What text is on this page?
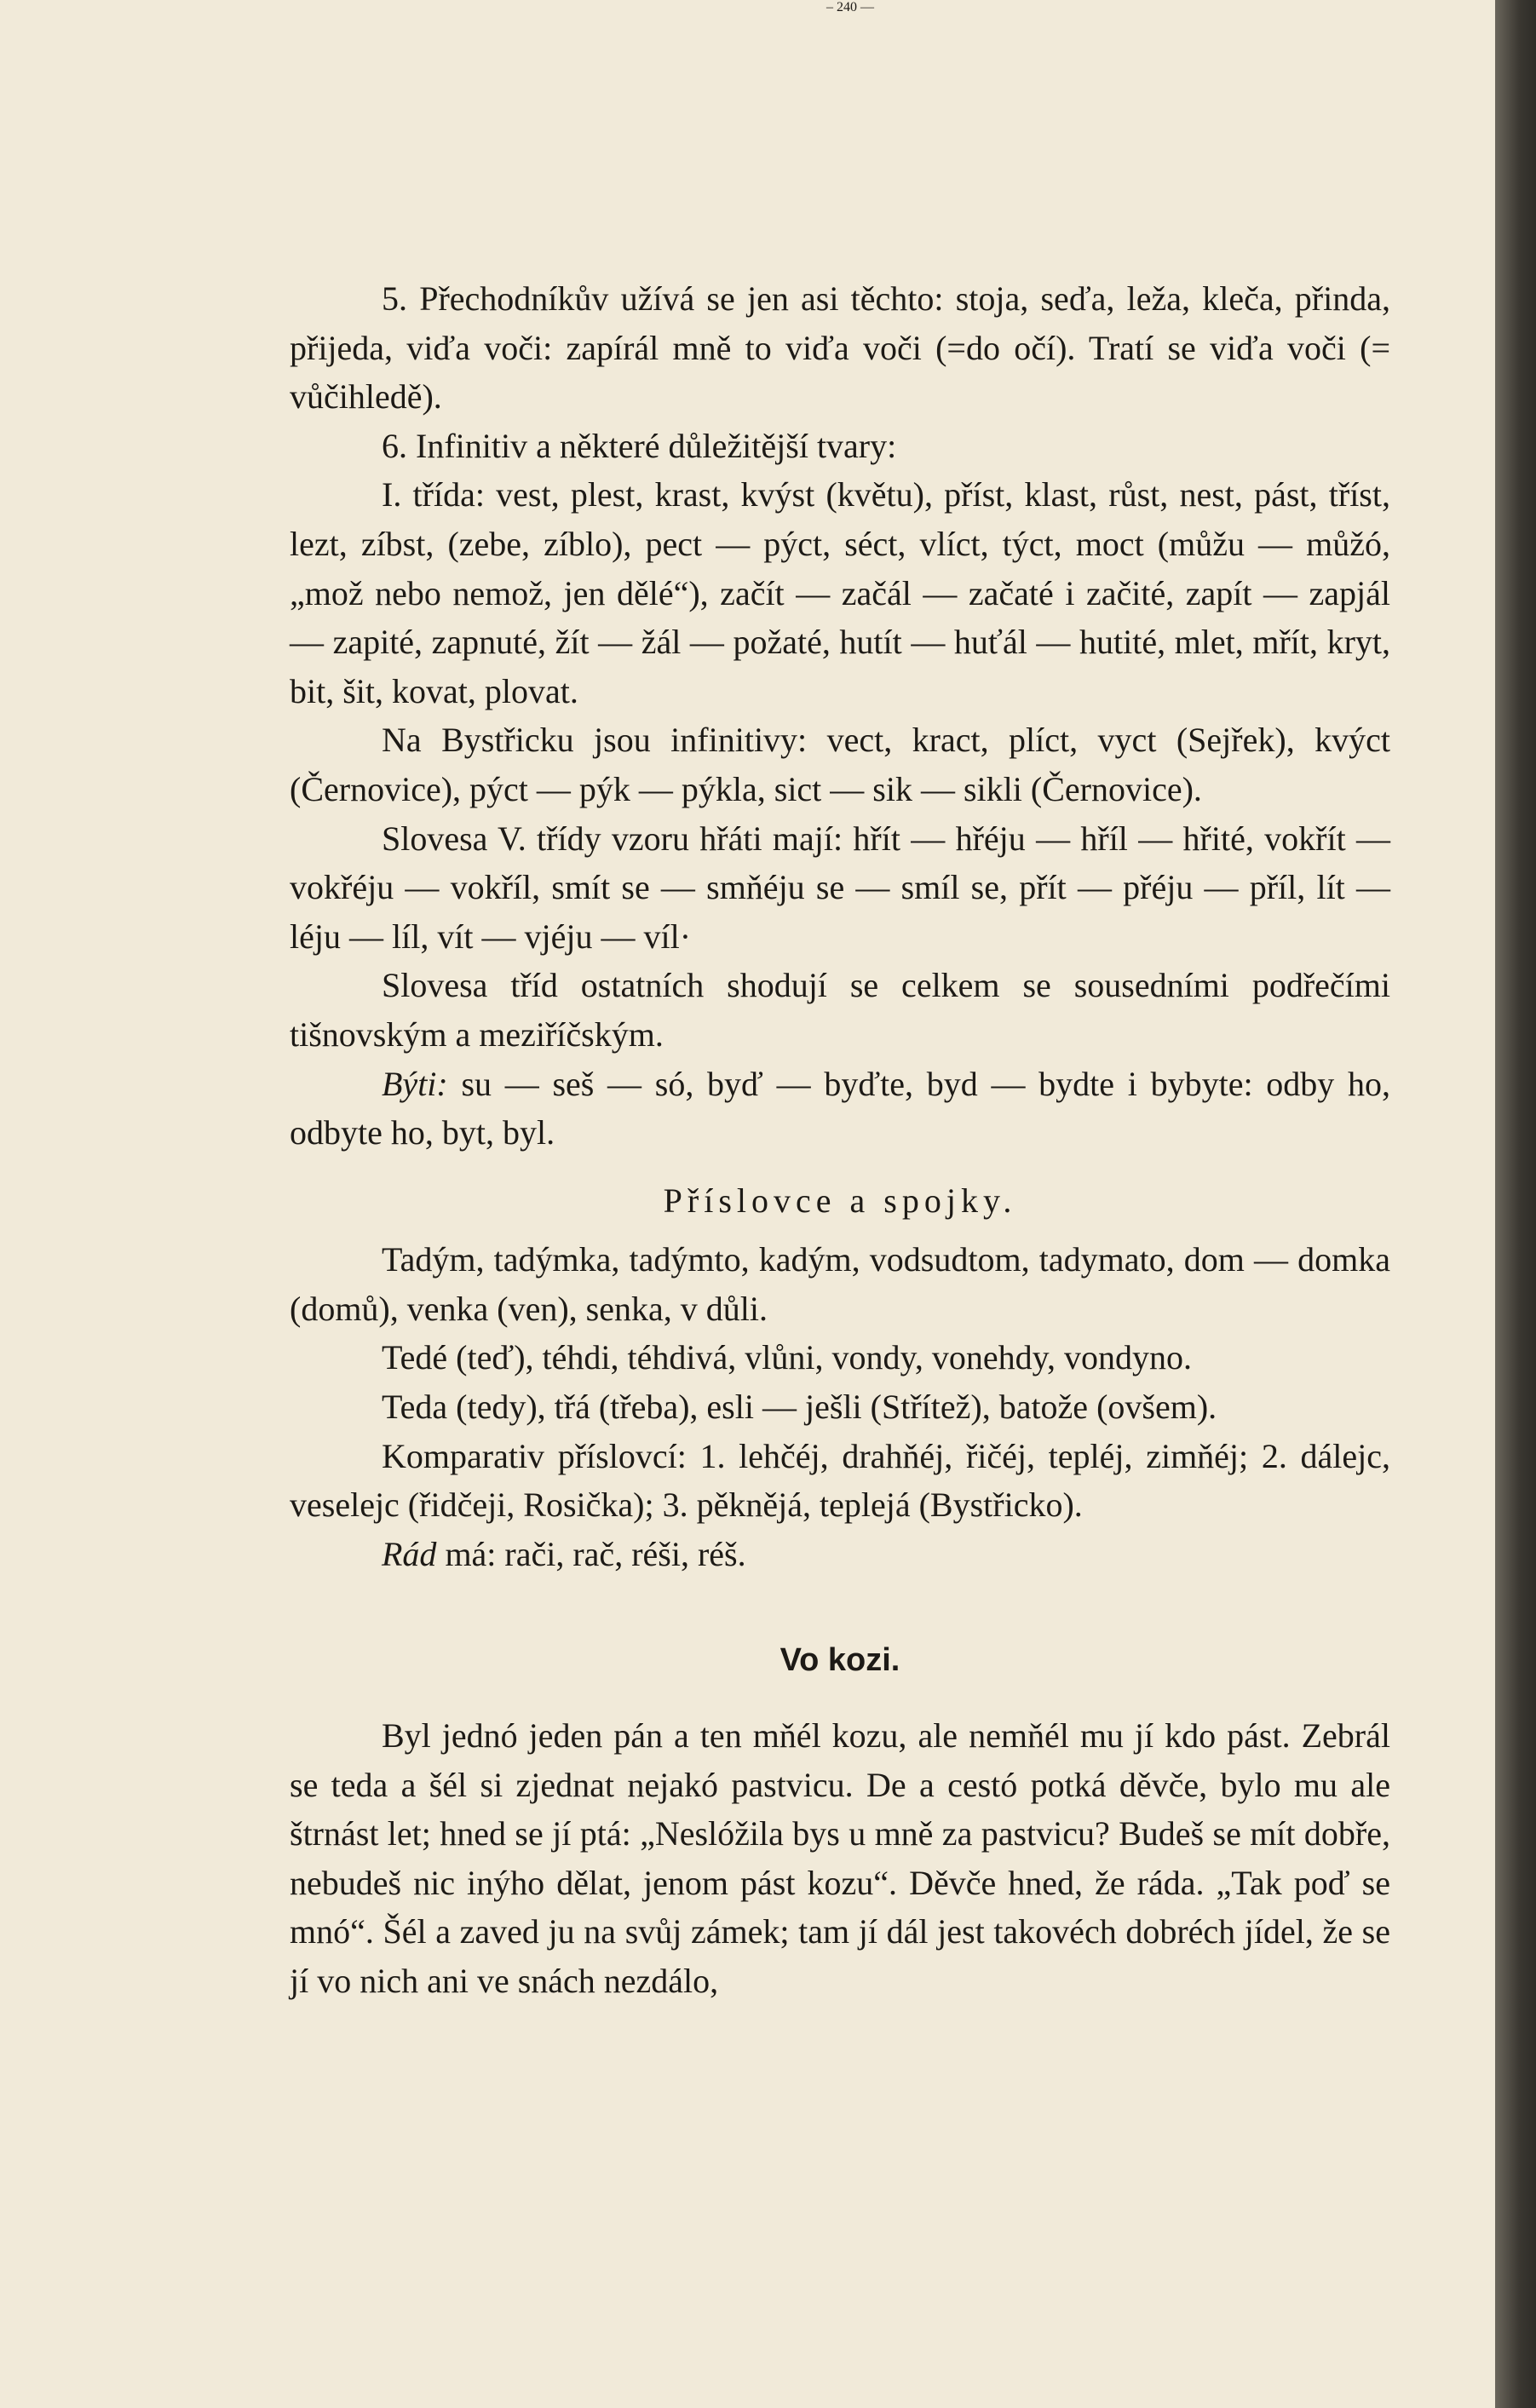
– 240 —

5. Přechodníkův užívá se jen asi těchto: stoja, seďa, leža, kleča, přinda, přijeda, viďa voči: zapírál mně to viďa voči (=do očí). Tratí se viďa voči (= vůčihledě).

6. Infinitiv a některé důležitější tvary:

I. třída: vest, plest, krast, kvýst (květu), příst, klast, růst, nest, pást, tříst, lezt, zíbst, (zebe, zíblo), pect — pýct, séct, vlíct, týct, moct (můžu — můžó, „mož nebo nemož, jen dělé“), začít — začál — začaté i začité, zapít — zapjál — zapité, zapnuté, žít — žál — požaté, hutít — huťál — hutité, mlet, mřít, kryt, bit, šit, kovat, plovat.

Na Bystřicku jsou infinitivy: vect, kract, plíct, vyct (Sejřek), kvýct (Černovice), pýct — pýk — pýkla, sict — sik — sikli (Černovice).

Slovesa V. třídy vzoru hřáti mají: hřít — hřéju — hříl — hřité, vokřít — vokřéju — vokříl, smít se — smňéju se — smíl se, přít — přéju — příl, lít — léju — líl, vít — vjéju — víl·

Slovesa tříd ostatních shodují se celkem se sousedními podřečími tišnovským a meziříčským.

Býti: su — seš — só, byď — byďte, byd — bydte i bybyte: odby ho, odbyte ho, byt, byl.

Příslovce a spojky.

Tadým, tadýmka, tadýmto, kadým, vodsudtom, tadymato, dom — domka (domů), venka (ven), senka, v důli.

Tedé (teď), téhdi, téhdivá, vlůni, vondy, vonehdy, vondyno.

Teda (tedy), třá (třeba), esli — ješli (Střítež), batože (ovšem).

Komparativ příslovcí: 1. lehčéj, drahňéj, řičéj, tepléj, zimňéj; 2. dálejc, veselejc (řidčeji, Rosička); 3. pěknějá, teplejá (Bystřicko).

Rád má: rači, rač, réši, réš.

Vo kozi.

Byl jednó jeden pán a ten mňél kozu, ale nemňél mu jí kdo pást. Zebrál se teda a šél si zjednat nejakó pastvicu. De a cestó potká děvče, bylo mu ale štrnást let; hned se jí ptá: „Neslóžila bys u mně za pastvicu? Budeš se mít dobře, nebudeš nic inýho dělat, jenom pást kozu“. Děvče hned, že ráda. „Tak poď se mnó“. Šél a zaved ju na svůj zámek; tam jí dál jest takovéch dobréch jídel, že se jí vo nich ani ve snách nezdálo,
